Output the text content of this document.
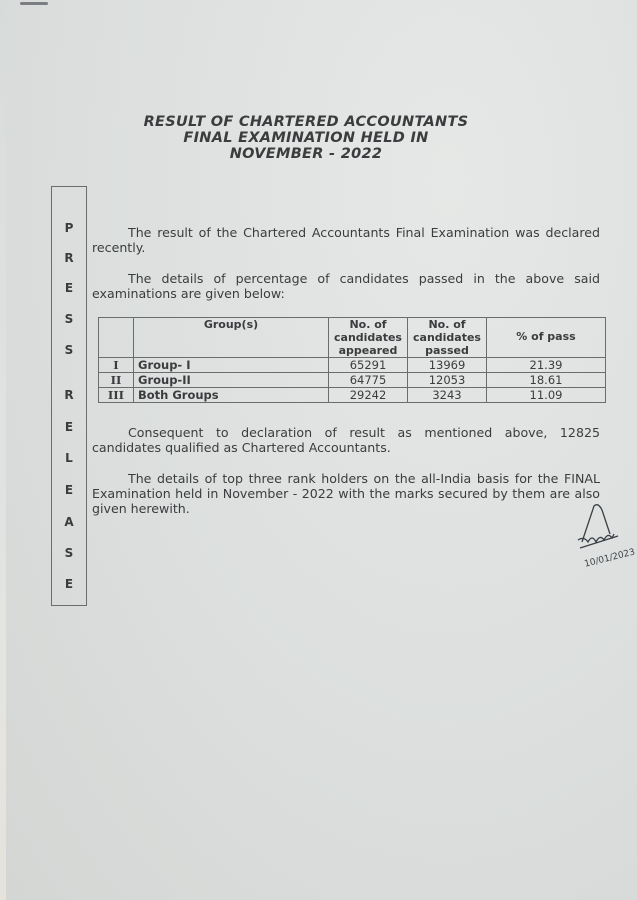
RESULT OF CHARTERED ACCOUNTANTS
FINAL EXAMINATION HELD IN
NOVEMBER - 2022
P
R
E
S
S
R
E
L
E
A
S
E
The result of the Chartered Accountants Final Examination was declared recently.
The details of percentage of candidates passed in the above said examinations are given below:
	Group(s)	No. of candidates appeared	No. of candidates passed	% of pass
I	Group- I	65291	13969	21.39
II	Group-II	64775	12053	18.61
III	Both Groups	29242	3243	11.09
Consequent to declaration of result as mentioned above, 12825 candidates qualified as Chartered Accountants.
The details of top three rank holders on the all-India basis for the FINAL Examination held in November - 2022 with the marks secured by them are also given herewith.
10/01/2023
